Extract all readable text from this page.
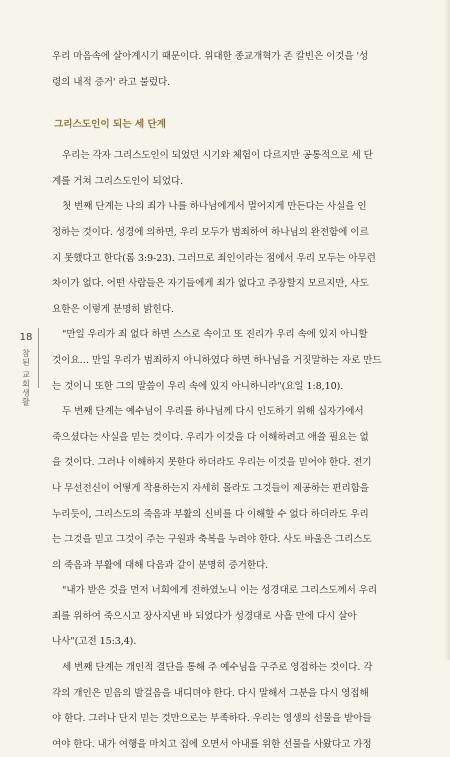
우리 마음속에 살아계시기 때문이다. 위대한 종교개혁가 존 칼빈은 이것을 '성
령의 내적 증거' 라고 불렀다.

그리스도인이 되는 세 단계

우리는 각자 그리스도인이 되었던 시기와 체험이 다르지만 공통적으로 세 단
계를 거쳐 그리스도인이 되었다.

첫 번째 단계는 나의 죄가 나를 하나님에게서 멀어지게 만든다는 사실을 인
정하는 것이다. 성경에 의하면, 우리 모두가 범죄하여 하나님의 완전함에 이르
지 못했다고 한다(롬 3:9-23). 그러므로 죄인이라는 점에서 우리 모두는 아무런
차이가 없다. 어떤 사람들은 자기들에게 죄가 없다고 주장할지 모르지만, 사도
요한은 이렇게 분명히 밝힌다.

"만일 우리가 죄 없다 하면 스스로 속이고 또 진리가 우리 속에 있지 아니할
것이요… 만일 우리가 범죄하지 아니하였다 하면 하나님을 거짓말하는 자로 만드
는 것이니 또한 그의 말씀이 우리 속에 있지 아니하니라"(요일 1:8,10).

두 번째 단계는 예수님이 우리를 하나님께 다시 인도하기 위해 십자가에서
죽으셨다는 사실을 믿는 것이다. 우리가 이것을 다 이해하려고 애쓸 필요는 없
을 것이다. 그러나 이해하지 못한다 하더라도 우리는 이것을 믿어야 한다. 전기
나 무선전신이 어떻게 작용하는지 자세히 몰라도 그것들이 제공하는 편리함을
누리듯이, 그리스도의 죽음과 부활의 신비를 다 이해할 수 없다 하더라도 우리
는 그것을 믿고 그것이 주는 구원과 축복을 누려야 한다. 사도 바울은 그리스도
의 죽음과 부활에 대해 다음과 같이 분명히 증거한다.

"내가 받은 것을 먼저 너희에게 전하였노니 이는 성경대로 그리스도께서 우리
죄를 위하여 죽으시고 장사지낸 바 되었다가 성경대로 사흘 만에 다시 살아
나사"(고전 15:3,4).

세 번째 단계는 개인적 결단을 통해 주 예수님을 구주로 영접하는 것이다. 각
각의 개인은 믿음의 발걸음을 내디뎌야 한다. 다시 말해서 그분을 다시 영접해
야 한다. 그러나 단지 믿는 것만으로는 부족하다. 우리는 영생의 선물을 받아들
여야 한다. 내가 여행을 마치고 집에 오면서 아내를 위한 선물을 사왔다고 가정

18
참된 교회생활
